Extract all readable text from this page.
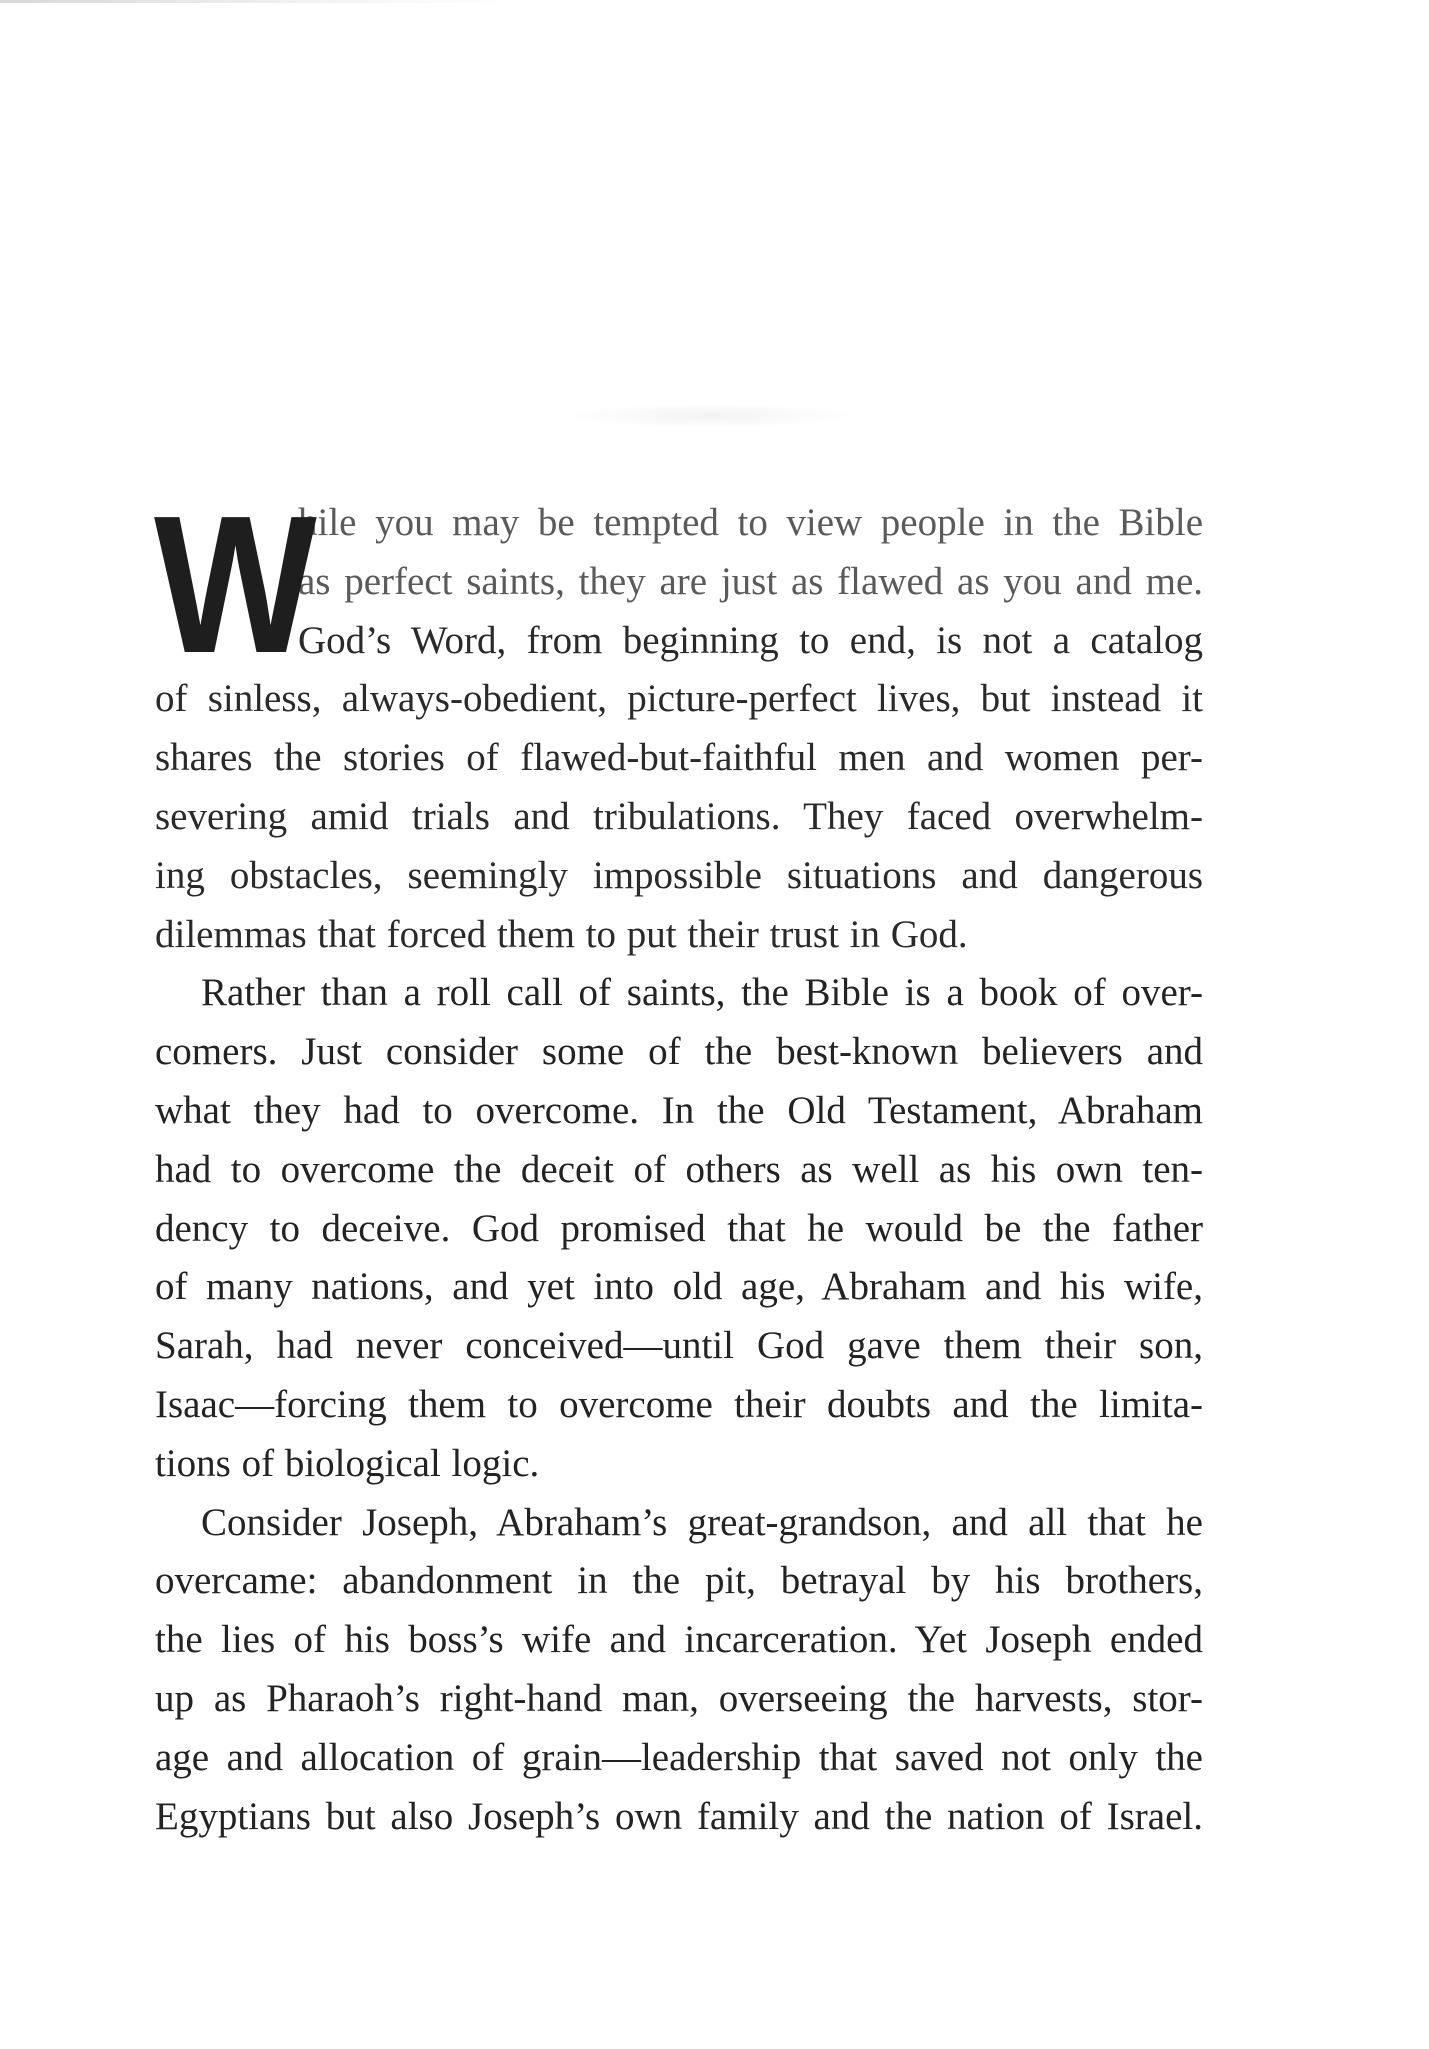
W
hile you may be tempted to view people in the Bible
as perfect saints, they are just as flawed as you and me.
God’s Word, from beginning to end, is not a catalog
of sinless, always-obedient, picture-perfect lives, but instead it
shares the stories of flawed-but-faithful men and women per-
severing amid trials and tribulations. They faced overwhelm-
ing obstacles, seemingly impossible situations and dangerous
dilemmas that forced them to put their trust in God.
Rather than a roll call of saints, the Bible is a book of over-
comers. Just consider some of the best-known believers and
what they had to overcome. In the Old Testament, Abraham
had to overcome the deceit of others as well as his own ten-
dency to deceive. God promised that he would be the father
of many nations, and yet into old age, Abraham and his wife,
Sarah, had never conceived—until God gave them their son,
Isaac—forcing them to overcome their doubts and the limita-
tions of biological logic.
Consider Joseph, Abraham’s great-grandson, and all that he
overcame: abandonment in the pit, betrayal by his brothers,
the lies of his boss’s wife and incarceration. Yet Joseph ended
up as Pharaoh’s right-hand man, overseeing the harvests, stor-
age and allocation of grain—leadership that saved not only the
Egyptians but also Joseph’s own family and the nation of Israel.
